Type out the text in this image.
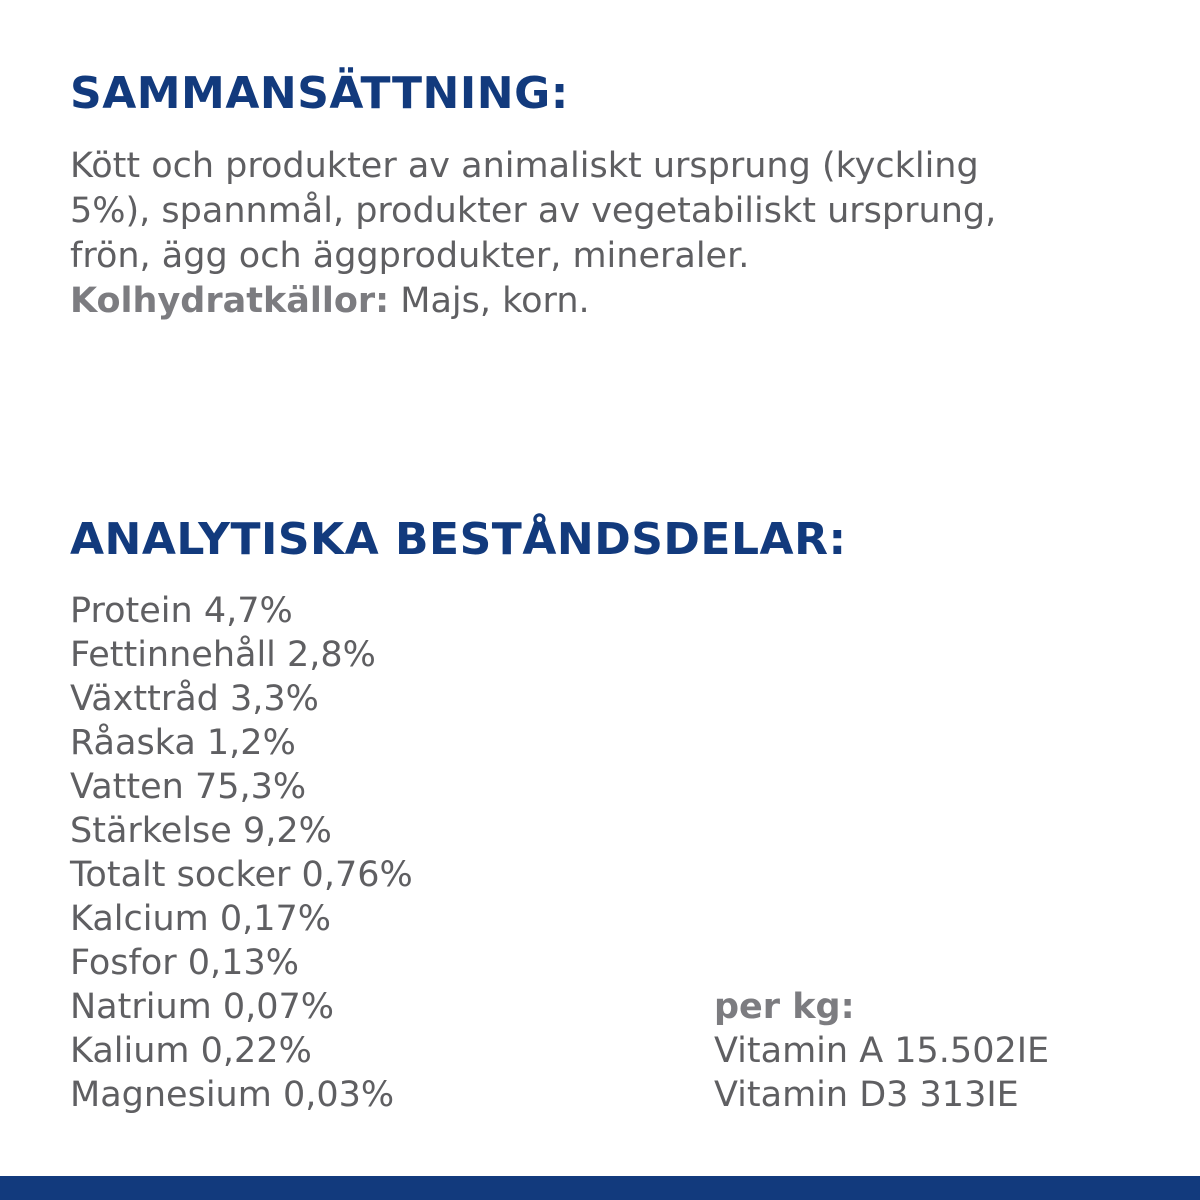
SAMMANSÄTTNING:
Kött och produkter av animaliskt ursprung (kyckling
5%), spannmål, produkter av vegetabiliskt ursprung,
frön, ägg och äggprodukter, mineraler.
Kolhydratkällor: Majs, korn.
ANALYTISKA BESTÅNDSDELAR:
Protein 4,7%
Fettinnehåll 2,8%
Växttråd 3,3%
Råaska 1,2%
Vatten 75,3%
Stärkelse 9,2%
Totalt socker 0,76%
Kalcium 0,17%
Fosfor 0,13%
Natrium 0,07%
Kalium 0,22%
Magnesium 0,03%
per kg:
Vitamin A 15.502IE
Vitamin D3 313IE
